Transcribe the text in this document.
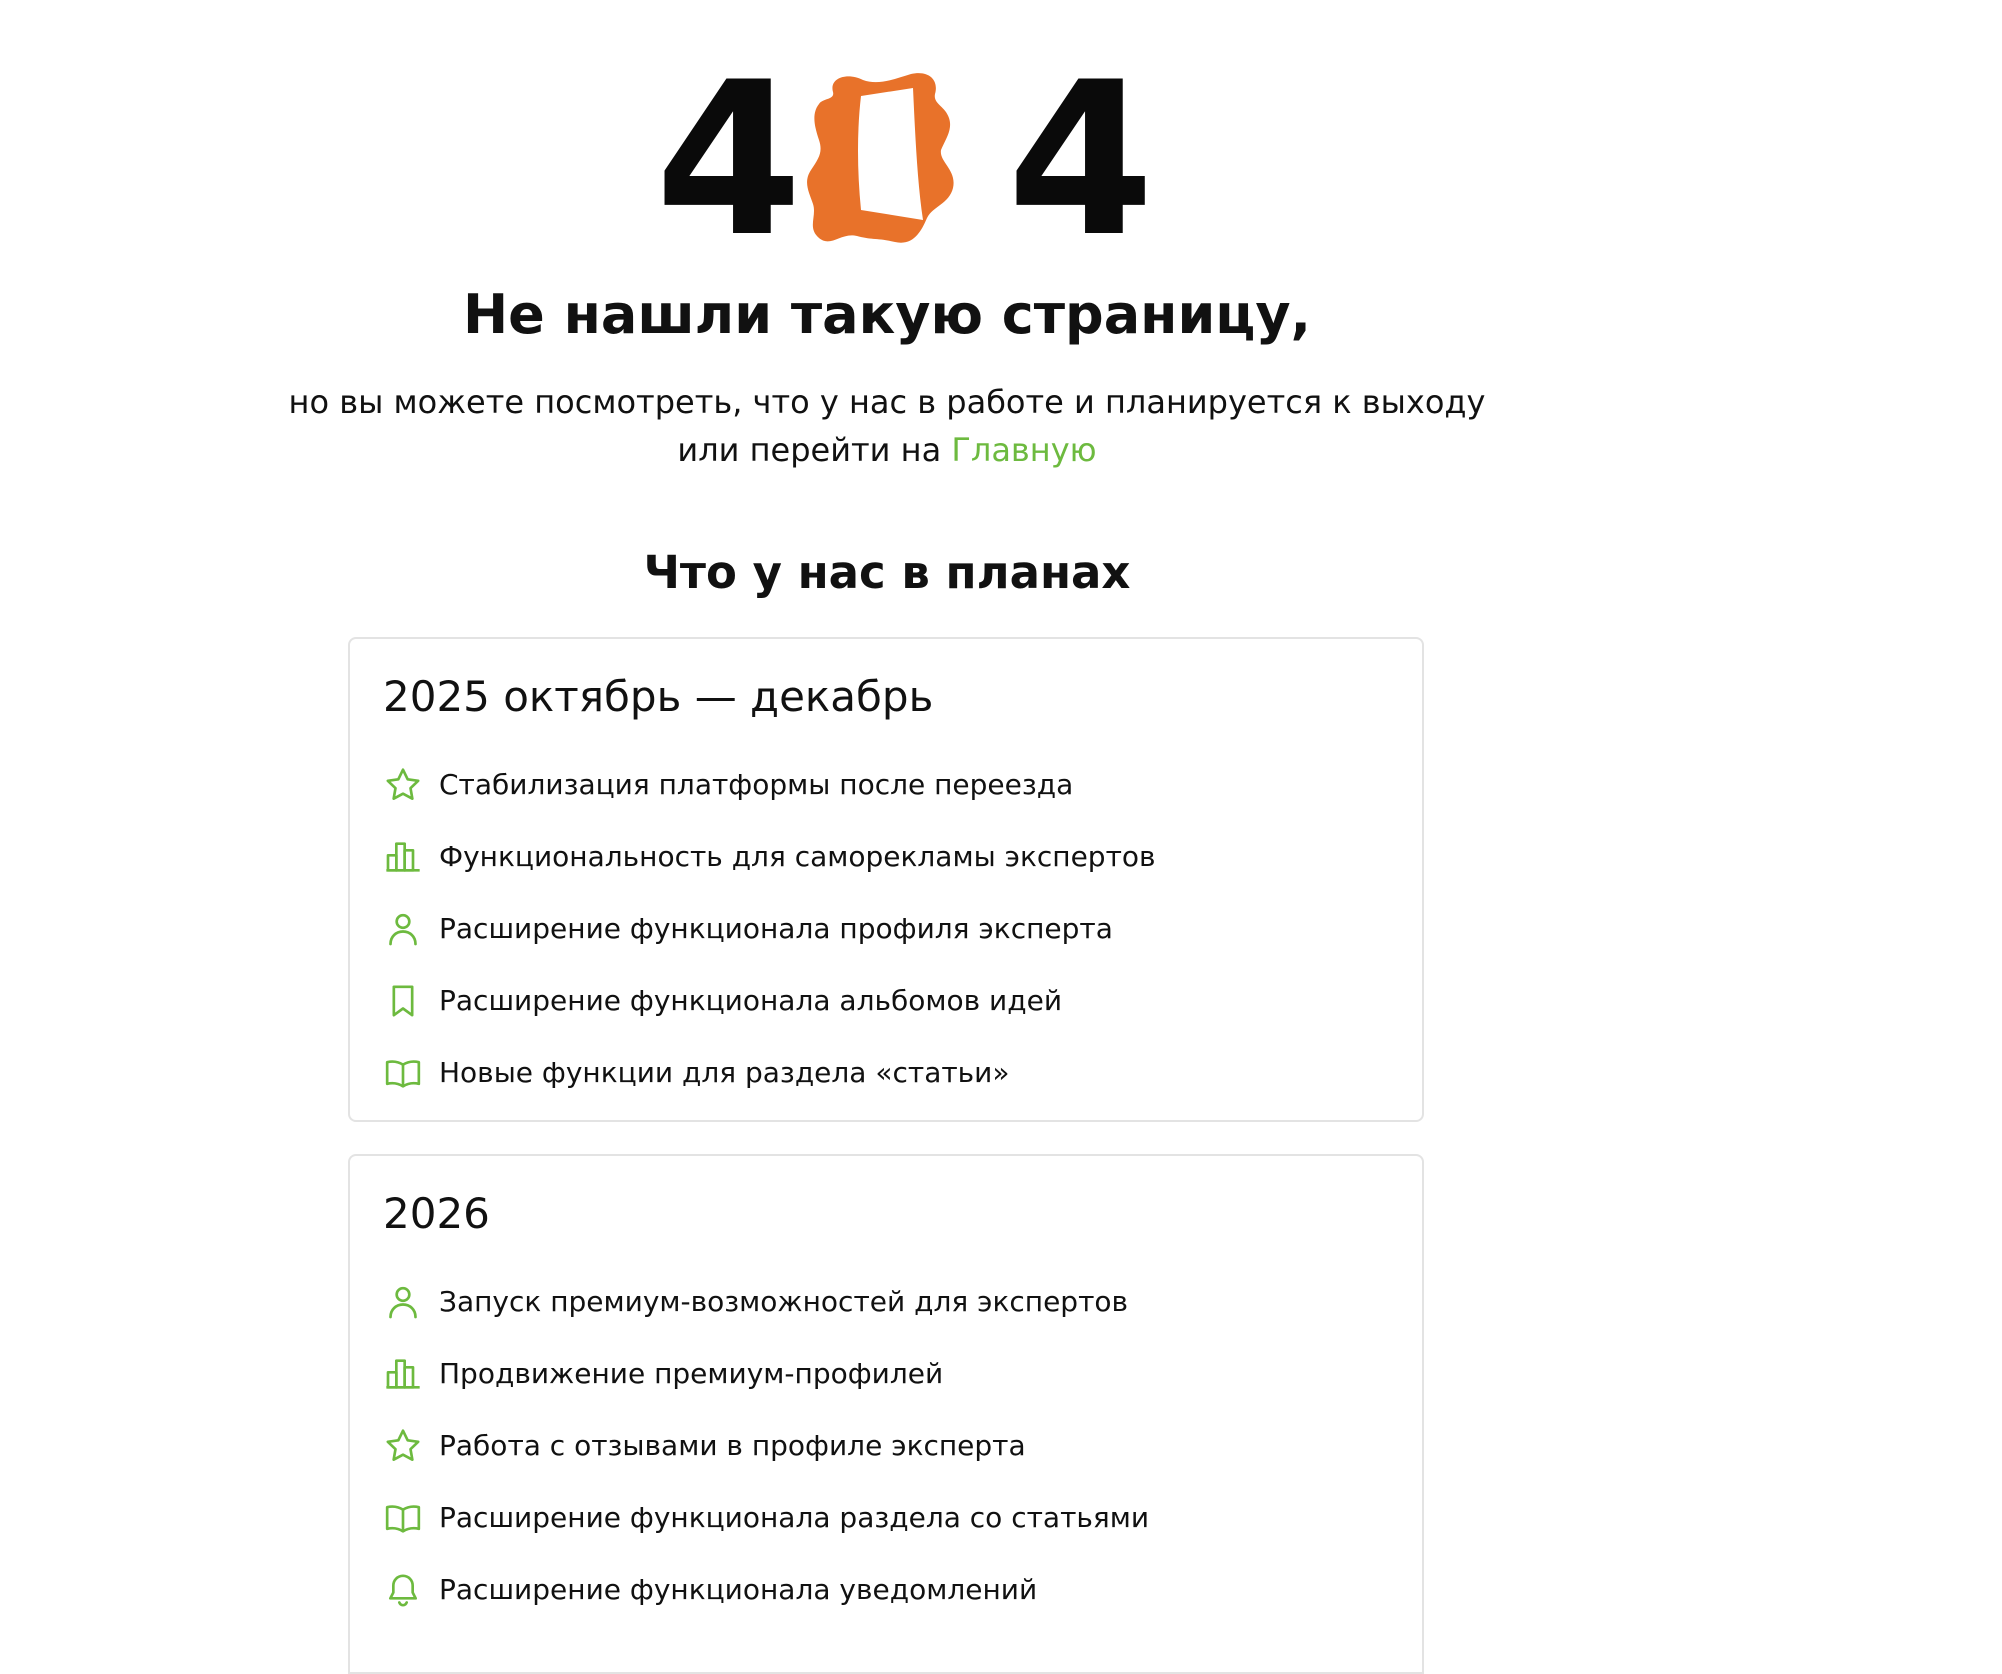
4 4
Не нашли такую страницу,
но вы можете посмотреть, что у нас в работе и планируется к выходу
или перейти на Главную
Что у нас в планах
2025 октябрь — декабрь
Стабилизация платформы после переезда
Функциональность для саморекламы экспертов
Расширение функционала профиля эксперта
Расширение функционала альбомов идей
Новые функции для раздела «статьи»
2026
Запуск премиум-возможностей для экспертов
Продвижение премиум-профилей
Работа с отзывами в профиле эксперта
Расширение функционала раздела со статьями
Расширение функционала уведомлений
